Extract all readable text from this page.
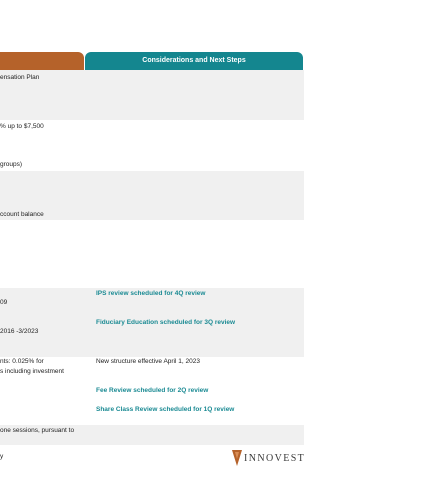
Considerations and Next Steps
ensation Plan
% up to $7,500
groups)
ccount balance
09
2016 -3/2023
nts: 0.025% for
s including investment
one sessions, pursuant to
y
IPS review scheduled for 4Q review
Fiduciary Education scheduled for 3Q review
New structure effective April 1, 2023
Fee Review scheduled for 2Q review
Share Class Review scheduled for 1Q review
INNOVEST
